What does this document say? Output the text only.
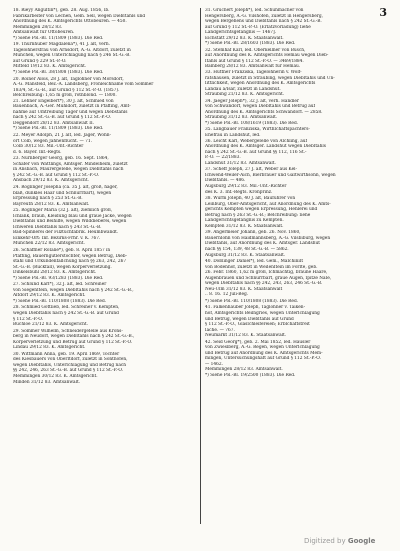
3
18. Rieyy Anguſtin*), geb. 28. Aug. 1856, lb.
Fabrikarbeiter von Lechen, Gem. Sell, wegen Diebſtahls und
Anordnung des K. Amtsgerichts Ottobeuren. — 450.
Memmingen 28/12 83.
Amtsanwalt für Ottobeuren.
*) Siehe Pol.-Bl. 11/1809 (1883). Die Red.
19. Thurnhuber Magdalena*), 41 J. alt, verh.
Tagelöhnersfrau von Arnsdorf, A.-G. Altdorf, zuletzt in
München, wegen Unterſchlagung nach § 246 St.-G.-B.
auf Grund § 229 St.-P.-O.
Mitteld 19/12 83. K. Amtsgericht.
*) Siehe Pol.-Bl. 38/1808 (1883). Die Red.
20. Roiner Alois, 28 J. alt, Taglöhner von Mörsdorf,
A.-G. Mansfeld, Bez.-A. Landsberg, Fronleichname vom Sommer
183/4, St.-G.-B., auf Grund § 112 St.-P.-O. (1857).
Beſchreibung: 1,65 m groß, rothblond. — 1800.
21. Lehner Engelbert*), 30 J. alt, Schmied von
Bauenbach, A.-Ger. Mühldorf, zuletzt in Pfaffing, Amt-
nahme auf Umtreibung Täger und wegen Diebstahls
nach § 242 St.-G.-B. auf Grund § 112 St.-P.-O.
Deggendorf 28/12 83. Amtsanwalt II.
*) Siehe Pol.-Bl. 11/1809 (1883). Die Red.
22. Meyer Adolph, 21 J. alt, led. Jäger, Wohn-
ort Colb, wegen Jahnenflucht. — 71.
Colb 30/12 83. Mil.-Unt.-Richter
d. 6. Bayer. Inf.-Regts.
23. Nürnberger Georg, geb. 16. Sept. 1864,
Schäfer von Wattlings, Amtsger. Mindelheim, zuletzt
in Ansbach, Maurergeſelle, wegen Diebſtahls nach
§ 242 St.-G.-B. auf Grund § 112 St.-P.-O.
Ansbach 29/12 83. K. Amtsgericht.
24. Röglinger Josepha (ca. 35 J. alt, groß, hager,
blaß, dunkles Haar und Schnurrbart), wegen
Erpressung nach § 253 St.-G.-B.
Bayreuth 28/12 83. K. Amtsanwalt.
25. Röglinger Maria (32 J. alt), ziemlich groß,
ſchlank, braun, Kleidung blau und graue Jacke, wegen
Diebſtahls und Beihilfe, wegen Wilddieberei, wegen
ſchweren Diebſtahls nach § 243 St.-G.-B.
Bad-Spinnerei der Filztuchfabrik. Heumbwandt.
Einkehr-Ort: Inf. Bezirks-Frhr. v. K. 767.
München 22/12 83. Amtsgericht.
26. Schaffner Roſalie*), geb. 8. April 1857 in
Pfaffing, Bauerngütlerstochter, wegen Betrug, Dieb-
stahl und Urkundenfälſchung nach §§ 263, 242, 267
St.-G.-B. (Rückfall), wegen Körperverletzung.
Dinkelsbühl 28/12 83. K. Amtsgericht.
*) Siehe Pol.-Bl. 93/1283 (1883). Die Red.
27. Schlund Karl*), 32 J. alt, led. Schreiner
von Siegenſtein, wegen Diebſtahls nach § 242 St.-G.-B.,
Altdorf 29/12 83. K. Amtsgericht.
*) Siehe Pol.-Bl. 110/1808 (1883). Die Red.
28. Schmied Gottlieb, led. Schreiner v. Kempten,
wegen Diebſtahls nach § 242 St.-G.-B. auf Grund
§ 112 St.-P.-O.
Buchloe 21/12 83. K. Amtsgericht.
29. Sommer Wilhelm, Schneidergeſelle aus Krons-
berg in Neudorf, wegen Diebſtahls nach § 242 St.-G.-B.,
Körperverletzung und Betrug auf Grund § 112 St.-P.-O.
Lindau 29/12 83. K. Amtsgericht.
30. Wittmann Anna, geb. 19. April 1869, Tochter
des Kiesbauers von Oberſtdorf, zuletzt in Sonthofen,
wegen Diebſtahls, Unterſchlagung und Betrug nach
§§ 242, 246, 263 St.-G.-B. auf Grund § 112 St.-P.-O.
Memmingen 30/12 83. K. Amtsgericht.
Minden 31/12 83. Amtsanwalt.
31. Gruchert Joſeph*), led. Schuhmacher von
Hengersberg, A.-G. Vilshofen, zuletzt in Hengersberg,
wegen Bergehens und Diebſtahls nach § 242 St.-G.-B.
auf Grund § 112 St.-P.-O. (Erſatzvorladung) ſiehe
Landgerichtsgefängnis — 1467].
Eichstätt 29/12 83. K. Staatsanwalt.
*) Siehe Pol.-Bl. 28/1603 (1883). Die Red.
32. Stemhaf Karl, led. Oberkellner von Busch,
auf Anordnung des K. Amtsgerichts Hemau wegen Dieb-
ſtahls auf Grund § 112 St.-P.-O. — 3469/1884.
Bamberg 28/12 83. Amtsanwalt für Hemau.
33. Hüttner Franziska, Tagelöhnerin v. Wolf-
ratshausen, zuletzt in Straubing, wegen Diebſtahls und Un-
ſittlichkeit, wegen Anordnung des K. Amtsgerichts
Landau a/Isar, zuletzt in Landshut.
Straubing 21/12 83. K. Amtsgericht.
34. Jaeger Joſeph*), 32 J. alt, verh. Händler
von Schwandorf, wegen Diebſtahls und Betrug auf
Anordnung des K. Amtsgerichts Schwandorf. — 2858.
Straubing 31/12 83. Amtsanwalt.
*) Siehe Pol.-Bl. 108/1619 (1883). Die Red.
35. Langbauer Franziska, Wirthſchaftspächters-
Ehefrau in Landshut, led.
36. Leicht Karl, Webergeſelle von Aſchling, auf
Anordnung des K. Amtsger. Landshut wegen Diebſtahls
nach § 242 St.-G.-B. auf Grund §§ 112, 116 St.-
P.-O. — 22/1883.
Landshut 31/12 83. Amtsanwalt.
37. Scheff Joſeph, 27 J. alt, Weber aus Kel-
ſchwend-Weiler-Aich, Bierbrauer und Gaſtwirthsohn, wegen
Diebſtahls. — 486.
Augsburg 29/12 83. Mil.-Unt.-Richter
des K. 3. Inf.-Regts. Kronprinz.
38. Wurm Joſeph, 40 J. alt, Bauführer von
Leinburg, Ober-Amtsgericht, auf Anordnung des K. Amts-
gerichts Kempten wegen Erpressung, Hehlerei und
Betrug nach § 263 St.-G.-B.; Beſchreibung: ſiehe
Landgerichtsgefängnis zu Kempten.
Kempten 31/12 83. K. Staatsanwalt.
39. Angermeier Johann, geb. 26. Nov. 1860,
Bauernſohn von Haidmannsberg, A.-G. Vilsbiburg, wegen
Diebſtahls, auf Anordnung des K. Amtsger. Landshut
nach §§ 154, 139, 48 St.-G.-B. — 5862.
Augsburg 31/12 83. K. Staatsanwalt.
40. Doßlinger Daniel*), led. Gem., Maſchiniſt
von Bodenhof, zuletzt in Weiſenſtein im Forſte, geb.
26. Febr. 1860, 1,62 m groß, ſchmächtig, braune Haare,
Augenbrauen und Schnurrbart, graue Augen, ſpitze Naſe,
wegen Diebſtahls nach §§ 242, 243, 263, 246 St.-G.-B.
Neu-Ulm 31/12 83. K. Staatsanwalt
.. 8. 16. 12 Juli-Beg.
*) Siehe Pol.-Bl. 110/1808 (1883). Die Red.
41. Falkenhauber Joſeph, Taglöhner v. Taiken-
hof, Amtsgerichts Beilngries, wegen Unterſchlagung
und Betrug, wegen Diebſtahls auf Grund
§ 112 St.-P.-O., Glasſchleifereien; Erbſchaftstreit
ſache. — 767.
Neumarkt 31/12 83. K. Staatsanwalt.
42. Seid Georg*), geb. 2. Mai 1852, led. Häusler
von Zwieslberg, A.-G. Regen, wegen Unterſchlagung
und Betrug auf Anordnung des K. Amtsgerichts Mem-
mingen, Untersuchungshaft auf Grund § 112 St.-P.-O.
— 1462.
Memmingen 28/12 83. Amtsanwalt.
*) Siehe Pol.-Bl. 19/2500 (1883). Die Red.
Digitized by Google
